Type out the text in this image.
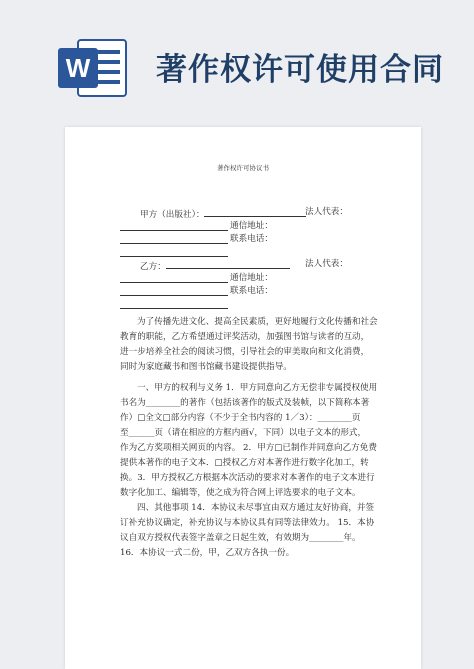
W 著作权许可使用合同
著作权许可协议书
甲方（出版社）：	法人代表：
通信地址：
联系电话：
乙方：	法人代表：
通信地址：
联系电话：
为了传播先进文化、提高全民素质，更好地履行文化传播和社会
教育的职能，乙方希望通过评奖活动，加强图书馆与读者的互动，
进一步培养全社会的阅读习惯，引导社会的审美取向和文化消费，
同时为家庭藏书和图书馆藏书建设提供指导。
一、甲方的权利与义务 1．甲方同意向乙方无偿非专属授权使用
书名为________的著作（包括该著作的版式及装帧，以下简称本著
作）□全文□部分内容（不少于全书内容的 1／3）：________页
至______页（请在相应的方框内画√，下同）以电子文本的形式，
作为乙方奖项相关网页的内容。 2．甲方□已制作并同意向乙方免费
提供本著作的电子文本．□授权乙方对本著作进行数字化加工，转
换。3．甲方授权乙方根据本次活动的要求对本著作的电子文本进行
数字化加工、编辑等，使之成为符合网上评选要求的电子文本。
四、其他事项 14．本协议未尽事宜由双方通过友好协商，并签
订补充协议确定，补充协议与本协议具有同等法律效力。 15．本协
议自双方授权代表签字盖章之日起生效，有效期为________年。
16．本协议一式二份，甲，乙双方各执一份。
